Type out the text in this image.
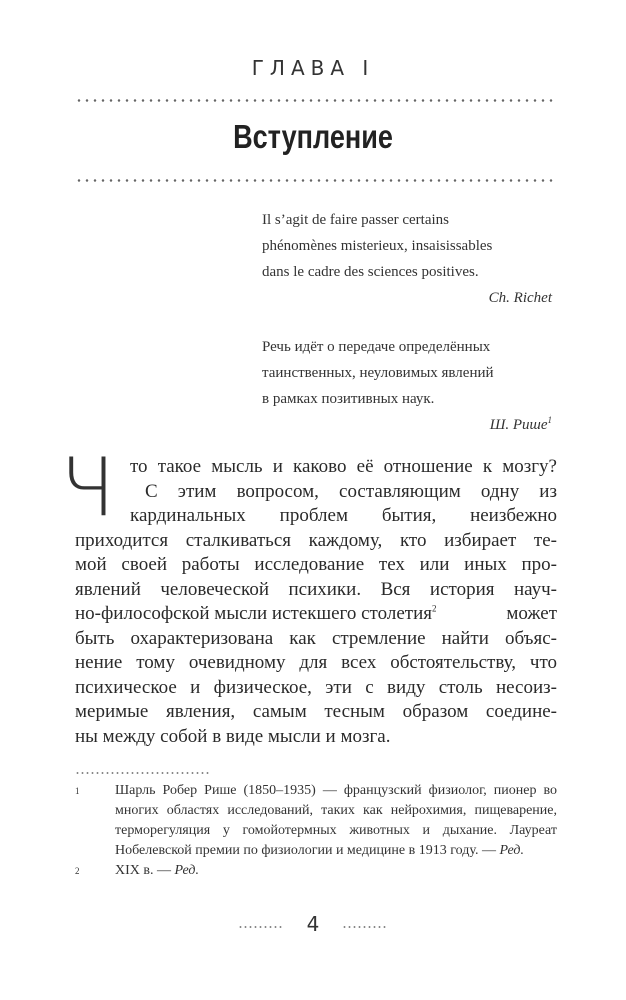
ГЛАВА I
Вступление
Il s’agit de faire passer certains
phénomènes misterieux, insaisissables
dans le cadre des sciences positives.
Ch. Richet
Речь идёт о передаче определённых
таинственных, неуловимых явлений
в рамках позитивных наук.
Ш. Рише$^1$
Ч то такое мысль и каково её отношение к мозгу?
С этим вопросом, составляющим одну из
кардинальных проблем бытия, неизбежно
приходится сталкиваться каждому, кто избирает те-
мой своей работы исследование тех или иных про-
явлений человеческой психики. Вся история науч-
но-философской мысли истекшего столетия$^2$	может
быть охарактеризована как стремление найти объяс-
нение тому очевидному для всех обстоятельству, что
психическое и физическое, эти с виду столь несоиз-
меримые явления, самым тесным образом соедине-
ны между собой в виде мысли и мозга.
1	Шарль Робер Рише (1850–1935) — французский физиолог, пионер во
многих областях исследований, таких как нейрохимия, пищеварение,
терморегуляция у гомойотермных животных и дыхание. Лауреат
Нобелевской премии по физиологии и медицине в 1913 году. — Ред.
2	XIX в. — Ред.
4
